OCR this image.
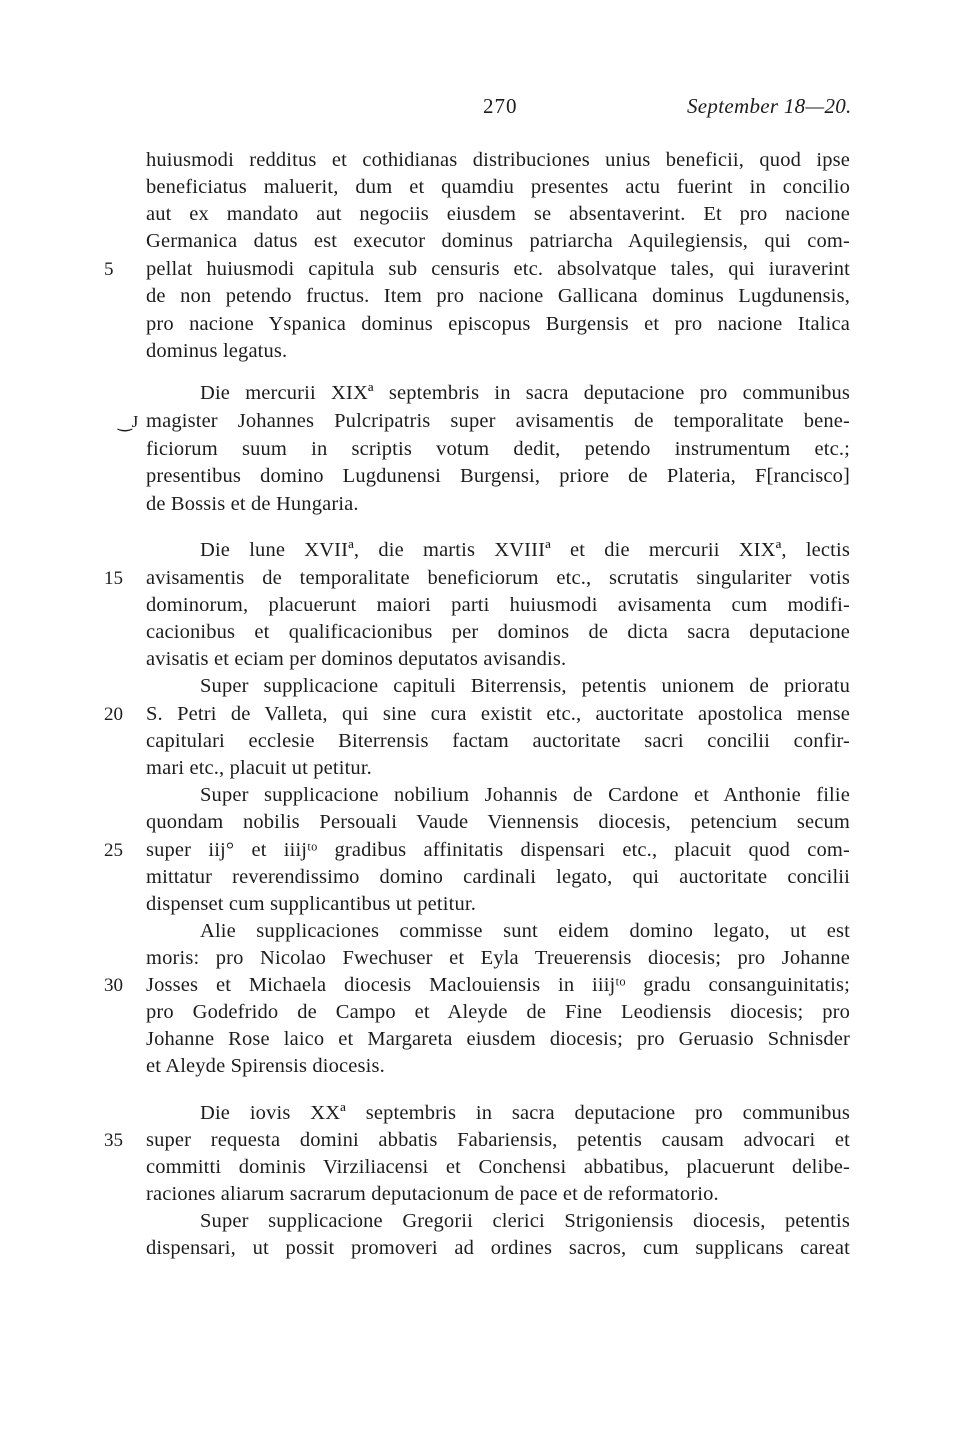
270	September 18—20.
huiusmodi redditus et cothidianas distribuciones unius beneficii, quod ipse
beneficiatus maluerit, dum et quamdiu presentes actu fuerint in concilio
aut ex mandato aut negociis eiusdem se absentaverint. Et pro nacione
Germanica datus est executor dominus patriarcha Aquilegiensis, qui com-
5	pellat huiusmodi capitula sub censuris etc. absolvatque tales, qui iuraverint
de non petendo fructus. Item pro nacione Gallicana dominus Lugdunensis,
pro nacione Yspanica dominus episcopus Burgensis et pro nacione Italica
dominus legatus.
Die mercurii XIXª septembris in sacra deputacione pro communibus
‿J magister Johannes Pulcripatris super avisamentis de temporalitate bene-
ficiorum suum in scriptis votum dedit, petendo instrumentum etc.;
presentibus domino Lugdunensi Burgensi, priore de Plateria, F[rancisco]
de Bossis et de Hungaria.
Die lune XVIIª, die martis XVIIIª et die mercurii XIXª, lectis
15	avisamentis de temporalitate beneficiorum etc., scrutatis singulariter votis
dominorum, placuerunt maiori parti huiusmodi avisamenta cum modifi-
cacionibus et qualificacionibus per dominos de dicta sacra deputacione
avisatis et eciam per dominos deputatos avisandis.
Super supplicacione capituli Biterrensis, petentis unionem de prioratu
20	S. Petri de Valleta, qui sine cura existit etc., auctoritate apostolica mense
capitulari ecclesie Biterrensis factam auctoritate sacri concilii confir-
mari etc., placuit ut petitur.
Super supplicacione nobilium Johannis de Cardone et Anthonie filie
quondam nobilis Persouali Vaude Viennensis diocesis, petencium secum
25	super iij° et iiijᵗᵒ gradibus affinitatis dispensari etc., placuit quod com-
mittatur reverendissimo domino cardinali legato, qui auctoritate concilii
dispenset cum supplicantibus ut petitur.
Alie supplicaciones commisse sunt eidem domino legato, ut est
moris: pro Nicolao Fwechuser et Eyla Treuerensis diocesis; pro Johanne
30	Josses et Michaela diocesis Maclouiensis in iiijᵗᵒ gradu consanguinitatis;
pro Godefrido de Campo et Aleyde de Fine Leodiensis diocesis; pro
Johanne Rose laico et Margareta eiusdem diocesis; pro Geruasio Schnisder
et Aleyde Spirensis diocesis.
Die iovis XXª septembris in sacra deputacione pro communibus
35	super requesta domini abbatis Fabariensis, petentis causam advocari et
committi dominis Virziliacensi et Conchensi abbatibus, placuerunt delibe-
raciones aliarum sacrarum deputacionum de pace et de reformatorio.
Super supplicacione Gregorii clerici Strigoniensis diocesis, petentis
dispensari, ut possit promoveri ad ordines sacros, cum supplicans careat
